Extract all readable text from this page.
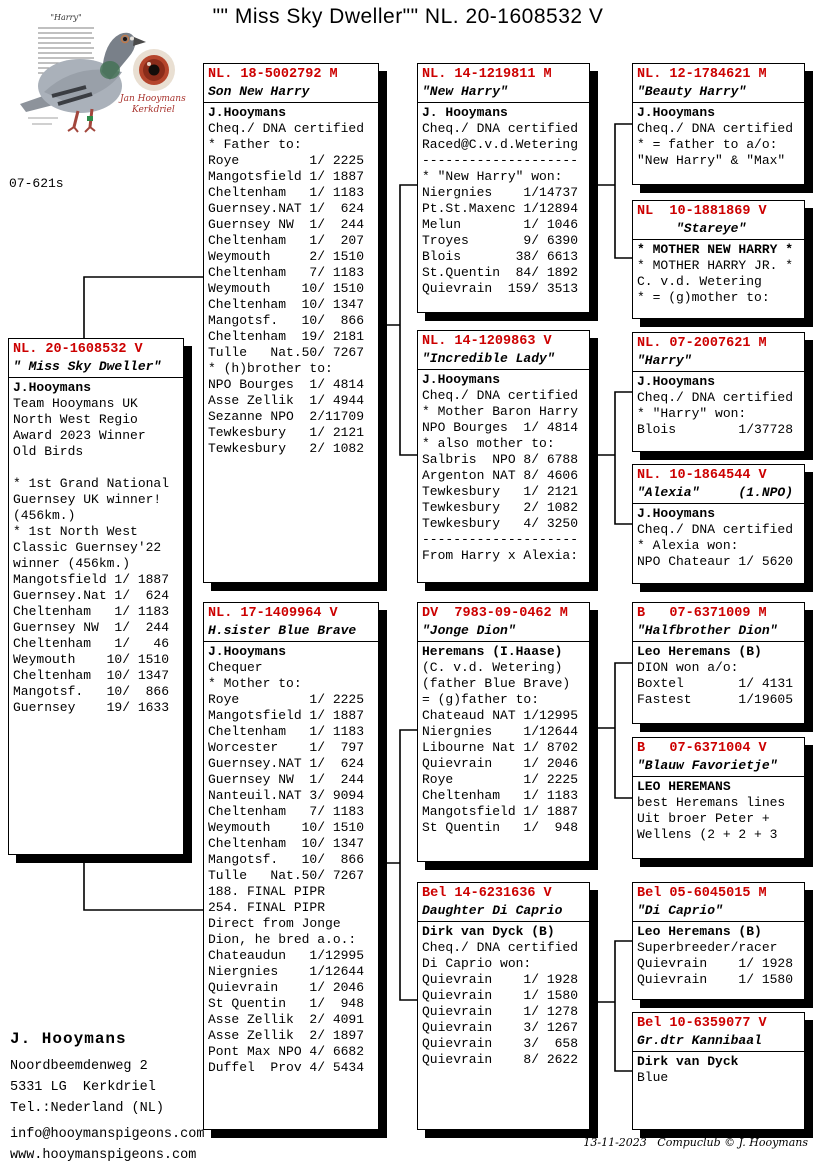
"" Miss Sky Dweller"" NL. 20-1608532 V
"Harry"
Jan Hooymans
Kerkdriel
07-621s
NL. 20-1608532 V
" Miss Sky Dweller"
J.Hooymans
Team Hooymans UK
North West Regio
Award 2023 Winner
Old Birds
* 1st Grand National
Guernsey UK winner!
(456km.)
* 1st North West
Classic Guernsey'22
winner (456km.)
Mangotsfield 1/ 1887
Guernsey.Nat 1/  624
Cheltenham   1/ 1183
Guernsey NW  1/  244
Cheltenham   1/   46
Weymouth    10/ 1510
Cheltenham  10/ 1347
Mangotsf.   10/  866
Guernsey    19/ 1633
NL. 18-5002792 M
Son New Harry
J.Hooymans
Cheq./ DNA certified
* Father to:
Roye         1/ 2225
Mangotsfield 1/ 1887
Cheltenham   1/ 1183
Guernsey.NAT 1/  624
Guernsey NW  1/  244
Cheltenham   1/  207
Weymouth     2/ 1510
Cheltenham   7/ 1183
Weymouth    10/ 1510
Cheltenham  10/ 1347
Mangotsf.   10/  866
Cheltenham  19/ 2181
Tulle   Nat.50/ 7267
* (h)brother to:
NPO Bourges  1/ 4814
Asse Zellik  1/ 4944
Sezanne NPO  2/11709
Tewkesbury   1/ 2121
Tewkesbury   2/ 1082
NL. 17-1409964 V
H.sister Blue Brave
J.Hooymans
Chequer
* Mother to:
Roye         1/ 2225
Mangotsfield 1/ 1887
Cheltenham   1/ 1183
Worcester    1/  797
Guernsey.NAT 1/  624
Guernsey NW  1/  244
Nanteuil.NAT 3/ 9094
Cheltenham   7/ 1183
Weymouth    10/ 1510
Cheltenham  10/ 1347
Mangotsf.   10/  866
Tulle   Nat.50/ 7267
188. FINAL PIPR
254. FINAL PIPR
Direct from Jonge
Dion, he bred a.o.:
Chateaudun   1/12995
Niergnies    1/12644
Quievrain    1/ 2046
St Quentin   1/  948
Asse Zellik  2/ 4091
Asse Zellik  2/ 1897
Pont Max NPO 4/ 6682
Duffel  Prov 4/ 5434
NL. 14-1219811 M
"New Harry"
J. Hooymans
Cheq./ DNA certified
Raced@C.v.d.Wetering
--------------------
* "New Harry" won:
Niergnies    1/14737
Pt.St.Maxenc 1/12894
Melun        1/ 1046
Troyes       9/ 6390
Blois       38/ 6613
St.Quentin  84/ 1892
Quievrain  159/ 3513
NL. 14-1209863 V
"Incredible Lady"
J.Hooymans
Cheq./ DNA certified
* Mother Baron Harry
NPO Bourges  1/ 4814
* also mother to:
Salbris  NPO 8/ 6788
Argenton NAT 8/ 4606
Tewkesbury   1/ 2121
Tewkesbury   2/ 1082
Tewkesbury   4/ 3250
--------------------
From Harry x Alexia:
DV  7983-09-0462 M
"Jonge Dion"
Heremans (I.Haase)
(C. v.d. Wetering)
(father Blue Brave)
= (g)father to:
Chateaud NAT 1/12995
Niergnies    1/12644
Libourne Nat 1/ 8702
Quievrain    1/ 2046
Roye         1/ 2225
Cheltenham   1/ 1183
Mangotsfield 1/ 1887
St Quentin   1/  948
Bel 14-6231636 V
Daughter Di Caprio
Dirk van Dyck (B)
Cheq./ DNA certified
Di Caprio won:
Quievrain    1/ 1928
Quievrain    1/ 1580
Quievrain    1/ 1278
Quievrain    3/ 1267
Quievrain    3/  658
Quievrain    8/ 2622
NL. 12-1784621 M
"Beauty Harry"
J.Hooymans
Cheq./ DNA certified
* = father to a/o:
"New Harry" & "Max"
NL  10-1881869 V
"Stareye"
* MOTHER NEW HARRY *
* MOTHER HARRY JR. *
C. v.d. Wetering
* = (g)mother to:
NL. 07-2007621 M
"Harry"
J.Hooymans
Cheq./ DNA certified
* "Harry" won:
Blois        1/37728
NL. 10-1864544 V
"Alexia"     (1.NPO)
J.Hooymans
Cheq./ DNA certified
* Alexia won:
NPO Chateaur 1/ 5620
B   07-6371009 M
"Halfbrother Dion"
Leo Heremans (B)
DION won a/o:
Boxtel       1/ 4131
Fastest      1/19605
B   07-6371004 V
"Blauw Favorietje"
LEO HEREMANS
best Heremans lines
Uit broer Peter +
Wellens (2 + 2 + 3
Bel 05-6045015 M
"Di Caprio"
Leo Heremans (B)
Superbreeder/racer
Quievrain    1/ 1928
Quievrain    1/ 1580
Bel 10-6359077 V
Gr.dtr Kannibaal
Dirk van Dyck
Blue
J. Hooymans
Noordbeemdenweg 2
5331 LG  Kerkdriel
Tel.:Nederland (NL)
info@hooymanspigeons.com
www.hooymanspigeons.com
13-11-2023   Compuclub © J. Hooymans
